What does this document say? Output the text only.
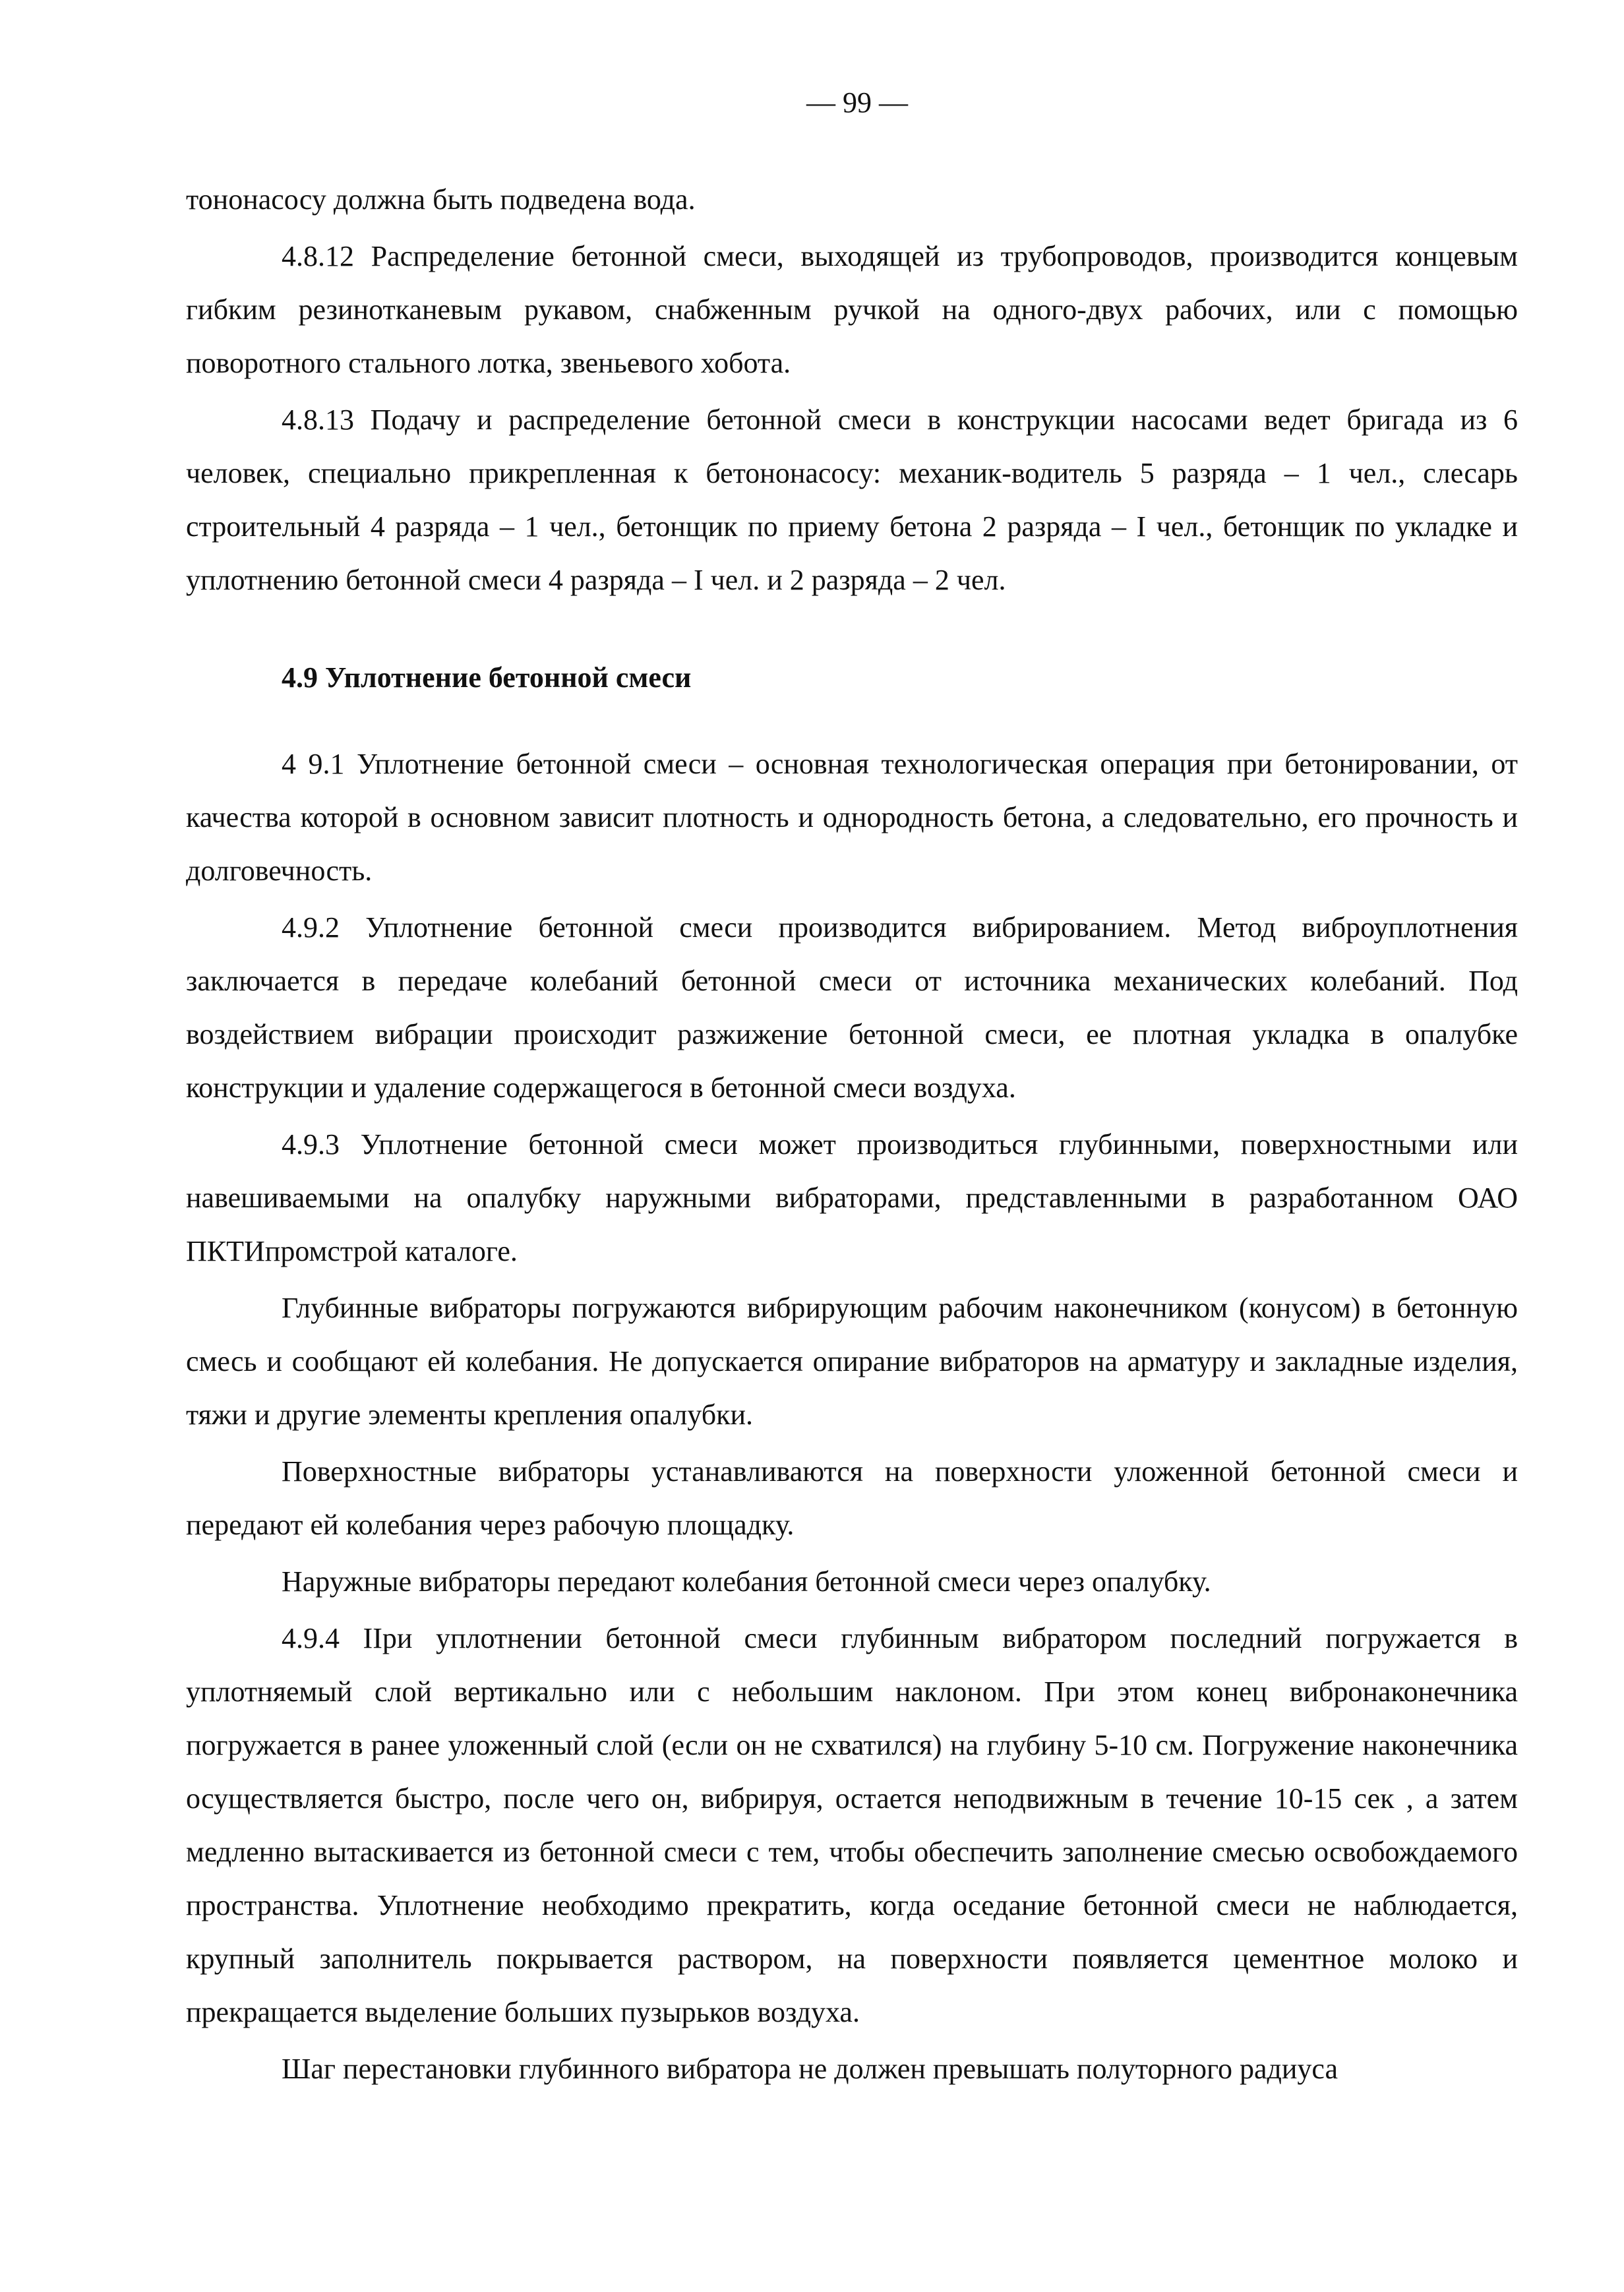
— 99 —

тононасосу должна быть подведена вода.

4.8.12 Распределение бетонной смеси, выходящей из трубопроводов, производится концевым гибким резинотканевым рукавом, снабженным ручкой на одного-двух рабочих, или с помощью поворотного стального лотка, звеньевого хобота.

4.8.13 Подачу и распределение бетонной смеси в конструкции насосами ведет бригада из 6 человек, специально прикрепленная к бетононасосу: механик-водитель 5 разряда – 1 чел., слесарь строительный 4 разряда – 1 чел., бетонщик по приему бетона 2 разряда – I чел., бетонщик по укладке и уплотнению бетонной смеси 4 разряда – I чел. и 2 разряда – 2 чел.

4.9 Уплотнение бетонной смеси

4 9.1 Уплотнение бетонной смеси – основная технологическая операция при бетонировании, от качества которой в основном зависит плотность и однородность бетона, а следовательно, его прочность и долговечность.

4.9.2 Уплотнение бетонной смеси производится вибрированием. Метод виброуплотнения заключается в передаче колебаний бетонной смеси от источника механических колебаний. Под воздействием вибрации происходит разжижение бетонной смеси, ее плотная укладка в опалубке конструкции и удаление содержащегося в бетонной смеси воздуха.

4.9.3 Уплотнение бетонной смеси может производиться глубинными, поверхностными или навешиваемыми на опалубку наружными вибраторами, представленными в разработанном ОАО ПКТИпромстрой каталоге.

Глубинные вибраторы погружаются вибрирующим рабочим наконечником (конусом) в бетонную смесь и сообщают ей колебания. Не допускается опирание вибраторов на арматуру и закладные изделия, тяжи и другие элементы крепления опалубки.

Поверхностные вибраторы устанавливаются на поверхности уложенной бетонной смеси и передают ей колебания через рабочую площадку.

Наружные вибраторы передают колебания бетонной смеси через опалубку.

4.9.4 IIри уплотнении бетонной смеси глубинным вибратором последний погружается в уплотняемый слой вертикально или с небольшим наклоном. При этом конец вибронаконечника погружается в ранее уложенный слой (если он не схватился) на глубину 5-10 см. Погружение наконечника осуществляется быстро, после чего он, вибрируя, остается неподвижным в течение 10-15 сек , а затем медленно вытаскивается из бетонной смеси с тем, чтобы обеспечить заполнение смесью освобождаемого пространства. Уплотнение необходимо прекратить, когда оседание бетонной смеси не наблюдается, крупный заполнитель покрывается раствором, на поверхности появляется цементное молоко и прекращается выделение больших пузырьков воздуха.

Шаг перестановки глубинного вибратора не должен превышать полуторного радиуса
